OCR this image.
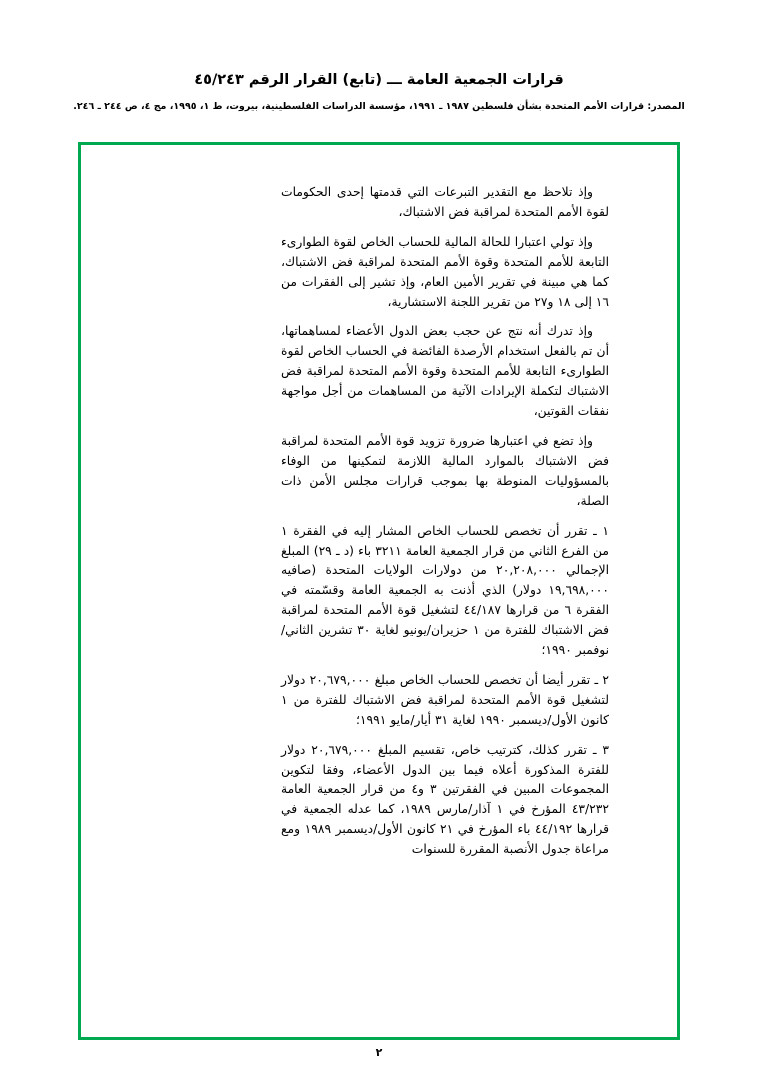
قرارات الجمعية العامة ـــ (تابع) القرار الرقم ٤٥/٢٤٣
المصدر: قرارات الأمم المتحدة بشأن فلسطين ١٩٨٧ ـ ١٩٩١، مؤسسة الدراسات الفلسطينية، بيروت، ط ١، ١٩٩٥، مج ٤، ص ٢٤٤ ـ ٢٤٦.

وإذ تلاحظ مع التقدير التبرعات التي قدمتها إحدى الحكومات لقوة الأمم المتحدة لمراقبة فض الاشتباك،

وإذ تولي اعتبارا للحالة المالية للحساب الخاص لقوة الطوارىء التابعة للأمم المتحدة وقوة الأمم المتحدة لمراقبة فض الاشتباك، كما هي مبينة في تقرير الأمين العام، وإذ تشير إلى الفقرات من ١٦ إلى ١٨ و٢٧ من تقرير اللجنة الاستشارية،

وإذ تدرك أنه نتج عن حجب بعض الدول الأعضاء لمساهماتها، أن تم بالفعل استخدام الأرصدة الفائضة في الحساب الخاص لقوة الطوارىء التابعة للأمم المتحدة وقوة الأمم المتحدة لمراقبة فض الاشتباك لتكملة الإيرادات الآتية من المساهمات من أجل مواجهة نفقات القوتين،

وإذ تضع في اعتبارها ضرورة تزويد قوة الأمم المتحدة لمراقبة فض الاشتباك بالموارد المالية اللازمة لتمكينها من الوفاء بالمسؤوليات المنوطة بها بموجب قرارات مجلس الأمن ذات الصلة،

١ ـ تقرر أن تخصص للحساب الخاص المشار إليه في الفقرة ١ من الفرع الثاني من قرار الجمعية العامة ٣٢١١ باء (د ـ ٢٩) المبلغ الإجمالي ٢٠,٢٠٨,٠٠٠ من دولارات الولايات المتحدة (صافيه ١٩,٦٩٨,٠٠٠ دولار) الذي أذنت به الجمعية العامة وقسّمته في الفقرة ٦ من قرارها ٤٤/١٨٧ لتشغيل قوة الأمم المتحدة لمراقبة فض الاشتباك للفترة من ١ حزيران/يونيو لغاية ٣٠ تشرين الثاني/نوفمبر ١٩٩٠؛

٢ ـ تقرر أيضا أن تخصص للحساب الخاص مبلغ ٢٠,٦٧٩,٠٠٠ دولار لتشغيل قوة الأمم المتحدة لمراقبة فض الاشتباك للفترة من ١ كانون الأول/ديسمبر ١٩٩٠ لغاية ٣١ أيار/مايو ١٩٩١؛

٣ ـ تقرر كذلك، كترتيب خاص، تقسيم المبلغ ٢٠,٦٧٩,٠٠٠ دولار للفترة المذكورة أعلاه فيما بين الدول الأعضاء، وفقا لتكوين المجموعات المبين في الفقرتين ٣ و٤ من قرار الجمعية العامة ٤٣/٢٣٢ المؤرخ في ١ آذار/مارس ١٩٨٩، كما عدله الجمعية في قرارها ٤٤/١٩٢ باء المؤرخ في ٢١ كانون الأول/ديسمبر ١٩٨٩ ومع مراعاة جدول الأنصبة المقررة للسنوات

٢
